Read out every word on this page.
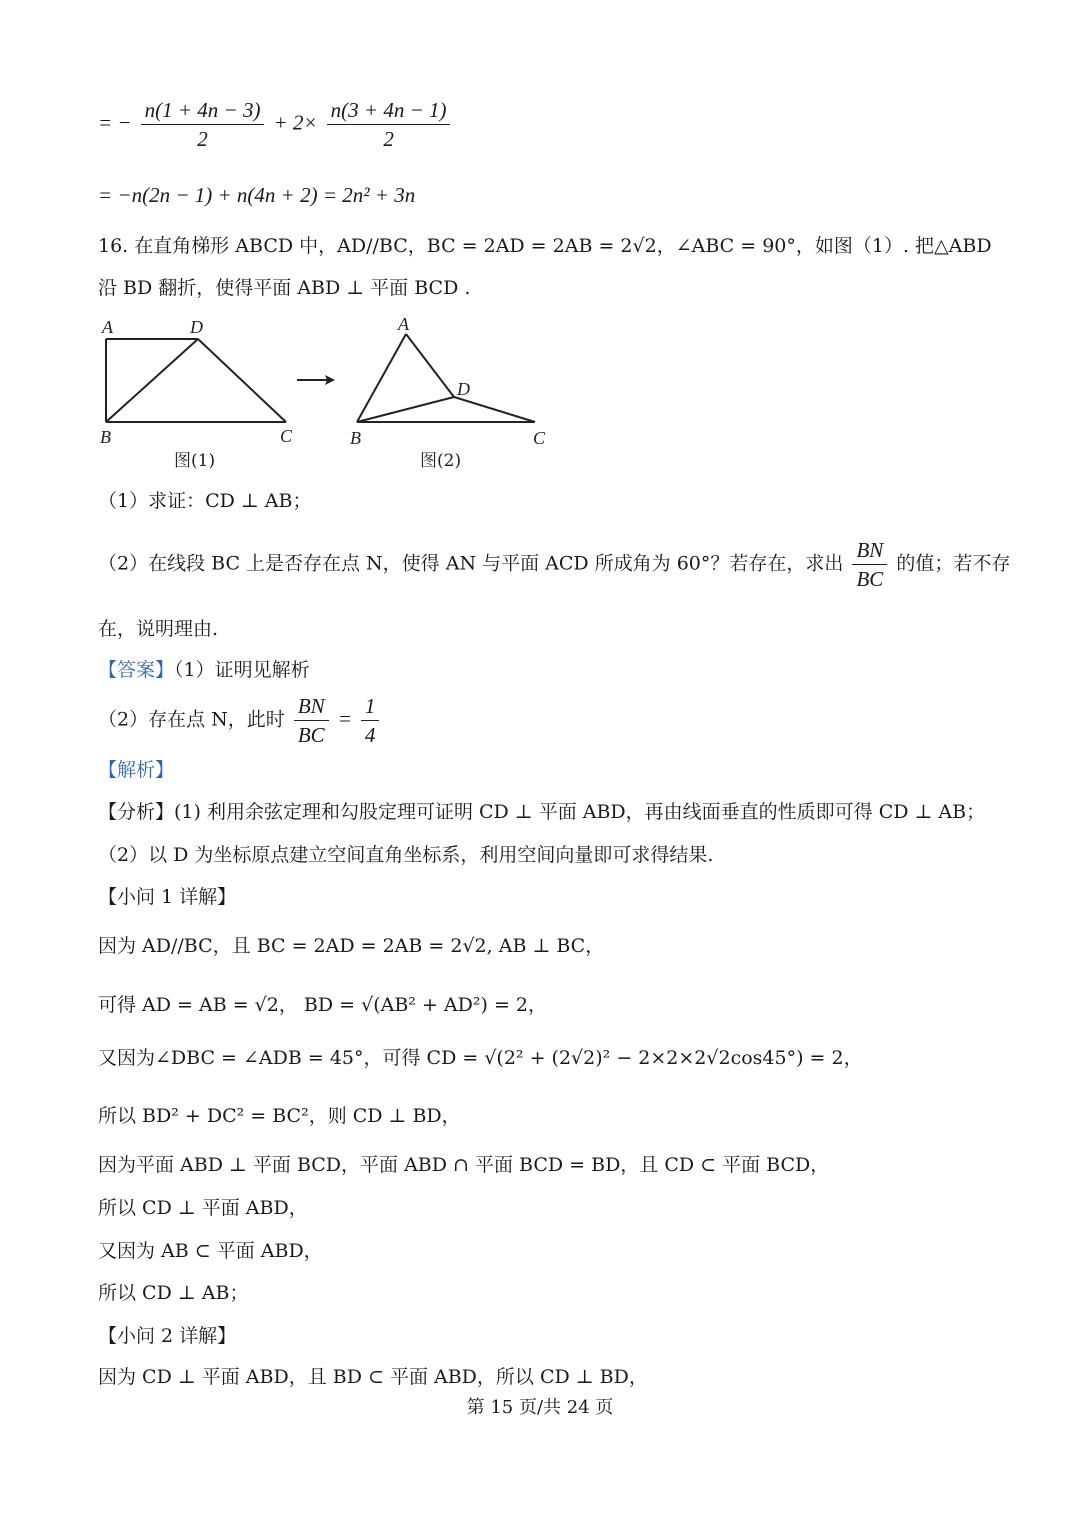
= − $\frac{n(1 + 4n - 3)}{2} + 2\times \frac{n(3 + 4n - 1)}{2}$
= −n(2n − 1) + n(4n + 2) = 2n² + 3n
16. 在直角梯形 ABCD 中，AD//BC，BC = 2AD = 2AB = 2√2，∠ABC = 90°，如图（1）. 把△ABD
沿 BD 翻折，使得平面 ABD ⊥ 平面 BCD .
A	D
B	C
图(1)
A
D
B	C
图(2)
（1）求证：CD ⊥ AB；
（2）在线段 BC 上是否存在点 N，使得 AN 与平面 ACD 所成角为 60°？若存在，求出 $\frac{BN}{BC}$ 的值；若不存
在，说明理由.
【答案】（1）证明见解析
（2）存在点 N，此时 $\frac{BN}{BC} = \frac{1}{4}$
【解析】
【分析】(1) 利用余弦定理和勾股定理可证明 CD ⊥ 平面 ABD，再由线面垂直的性质即可得 CD ⊥ AB；
（2）以 D 为坐标原点建立空间直角坐标系，利用空间向量即可求得结果.
【小问 1 详解】
因为 AD//BC，且 BC = 2AD = 2AB = 2√2, AB ⊥ BC，
可得 AD = AB = √2， BD = √(AB² + AD²) = 2，
又因为∠DBC = ∠ADB = 45°，可得 CD = √(2² + (2√2)² − 2×2×2√2cos45°) = 2，
所以 BD² + DC² = BC²，则 CD ⊥ BD，
因为平面 ABD ⊥ 平面 BCD，平面 ABD ∩ 平面 BCD = BD，且 CD ⊂ 平面 BCD，
所以 CD ⊥ 平面 ABD，
又因为 AB ⊂ 平面 ABD，
所以 CD ⊥ AB；
【小问 2 详解】
因为 CD ⊥ 平面 ABD，且 BD ⊂ 平面 ABD，所以 CD ⊥ BD，
第 15 页/共 24 页
